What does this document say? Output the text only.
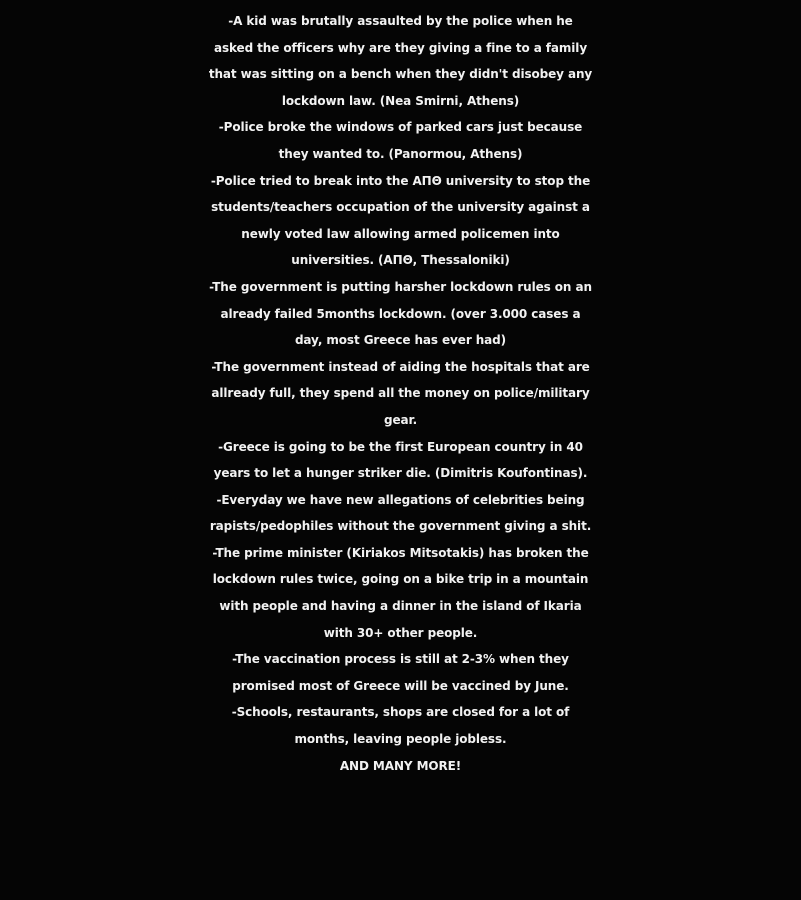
-A kid was brutally assaulted by the police when he
asked the officers why are they giving a fine to a family
that was sitting on a bench when they didn't disobey any
lockdown law. (Nea Smirni, Athens)
-Police broke the windows of parked cars just because
they wanted to. (Panormou, Athens)
-Police tried to break into the ΑΠΘ university to stop the
students/teachers occupation of the university against a
newly voted law allowing armed policemen into
universities. (ΑΠΘ, Thessaloniki)
-The government is putting harsher lockdown rules on an
already failed 5months lockdown. (over 3.000 cases a
day, most Greece has ever had)
-The government instead of aiding the hospitals that are
allready full, they spend all the money on police/military
gear.
-Greece is going to be the first European country in 40
years to let a hunger striker die. (Dimitris Koufontinas).
-Everyday we have new allegations of celebrities being
rapists/pedophiles without the government giving a shit.
-The prime minister (Kiriakos Mitsotakis) has broken the
lockdown rules twice, going on a bike trip in a mountain
with people and having a dinner in the island of Ikaria
with 30+ other people.
-The vaccination process is still at 2-3% when they
promised most of Greece will be vaccined by June.
-Schools, restaurants, shops are closed for a lot of
months, leaving people jobless.
AND MANY MORE!
